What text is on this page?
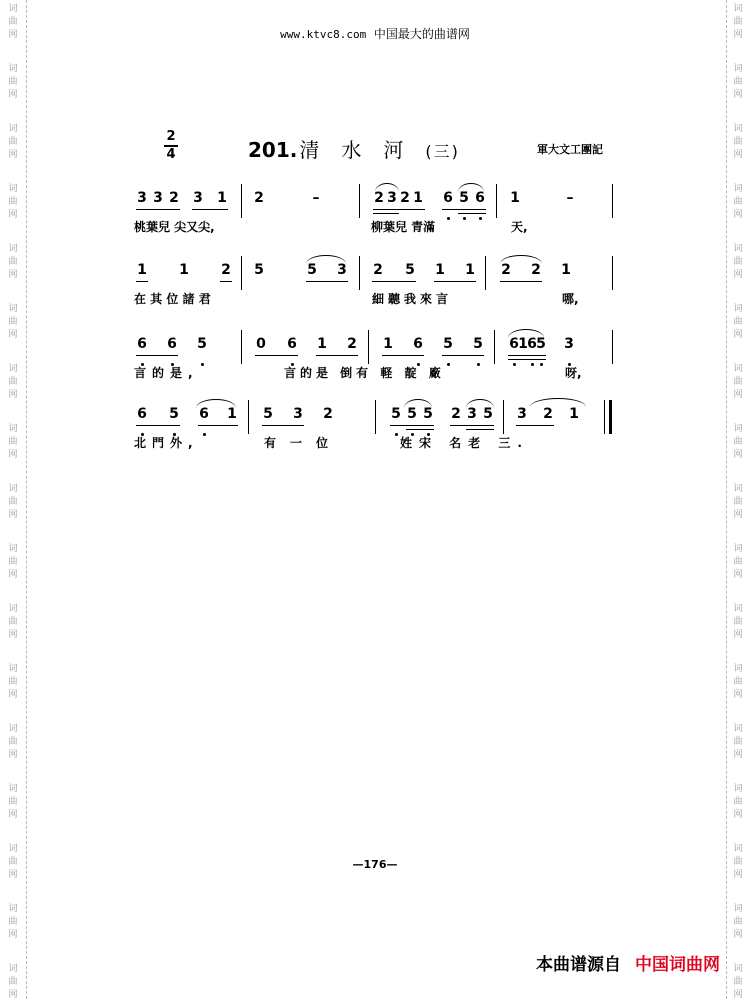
词
曲
网
词
曲
网
词
曲
网
词
曲
网
词
曲
网
词
曲
网
词
曲
网
词
曲
网
词
曲
网
词
曲
网
词
曲
网
词
曲
网
词
曲
网
词
曲
网
词
曲
网
词
曲
网
词
曲
网
词
曲
网
词
曲
网
词
曲
网
词
曲
网
词
曲
网
词
曲
网
词
曲
网
词
曲
网
词
曲
网
词
曲
网
词
曲
网
词
曲
网
词
曲
网
词
曲
网
词
曲
网
词
曲
网
词
曲
网
www.ktvc8.com 中国最大的曲谱网
2
4	201. 清水河(三)	軍大文工團記
3 3 2 3 1 2	–	2 3 2 1 6 5 6 1	–
桃葉兒 尖又尖,	柳葉兒 青滿	天,
1 1 2 5	5 3 2 5 1 1 2 2 1
在 其 位 諸 君	細聽我來言	哪,
6 6 5	0 6 1 2 1 6 5 5 6 1 6 5 3
言的是,	言的是 倒有 軽 靛 廠	呀,
6 5 6 1 5 3 2	5 5 5 2 3 5 3 2 1
北門外,	有一位	姓宋 名老 三.
—176—
本曲谱源自 中国词曲网
